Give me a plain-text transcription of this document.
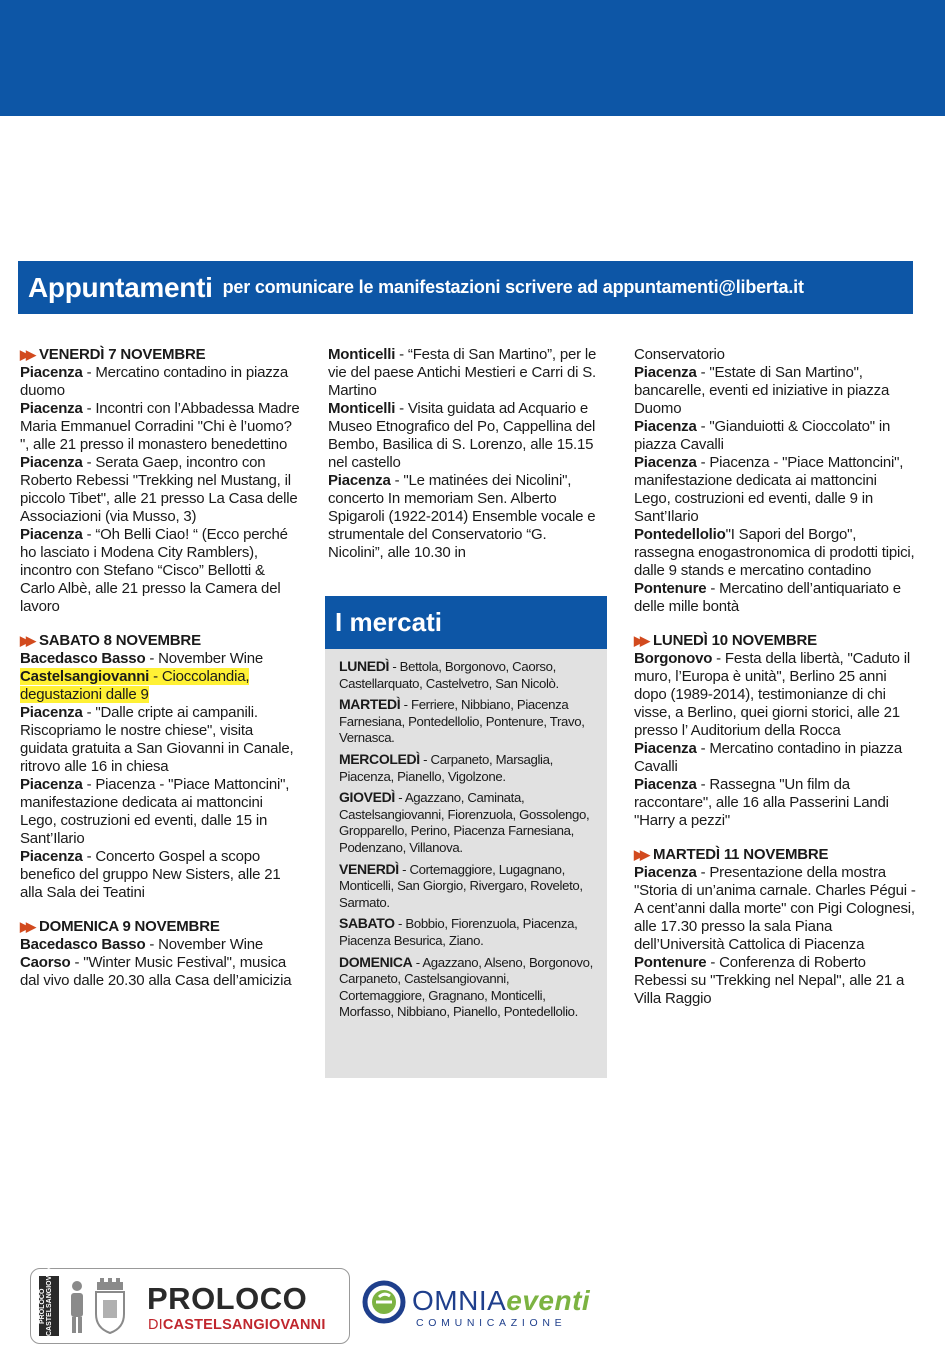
Appuntamenti per comunicare le manifestazioni scrivere ad appuntamenti@liberta.it
▶▶ VENERDÌ 7 NOVEMBRE
Piacenza - Mercatino contadino in piazza duomo
Piacenza - Incontri con l’Abbadessa Madre Maria Emmanuel Corradini "Chi è l’uomo? ", alle 21 presso il monastero benedettino
Piacenza - Serata Gaep, incontro con Roberto Rebessi "Trekking nel Mustang, il piccolo Tibet", alle 21 presso La Casa delle Associazioni (via Musso, 3)
Piacenza - “Oh Belli Ciao! “ (Ecco perché ho lasciato i Modena City Ramblers), incontro con Stefano “Cisco” Bellotti & Carlo Albè, alle 21 presso la Camera del lavoro
▶▶ SABATO 8 NOVEMBRE
Bacedasco Basso - November Wine
Castelsangiovanni - Cioccolandia, degustazioni dalle 9
Piacenza - "Dalle cripte ai campanili. Riscopriamo le nostre chiese", visita guidata gratuita a San Giovanni in Canale, ritrovo alle 16 in chiesa
Piacenza - Piacenza - "Piace Mattoncini", manifestazione dedicata ai mattoncini Lego, costruzioni ed eventi, dalle 15 in Sant’Ilario
Piacenza - Concerto Gospel a scopo benefico del gruppo New Sisters, alle 21 alla Sala dei Teatini
▶▶ DOMENICA 9 NOVEMBRE
Bacedasco Basso - November Wine
Caorso - "Winter Music Festival", musica dal vivo dalle 20.30 alla Casa dell’amicizia
Monticelli - “Festa di San Martino”, per le vie del paese Antichi Mestieri e Carri di S. Martino
Monticelli - Visita guidata ad Acquario e Museo Etnografico del Po, Cappellina del Bembo, Basilica di S. Lorenzo, alle 15.15 nel castello
Piacenza - "Le matinées dei Nicolini", concerto In memoriam Sen. Alberto Spigaroli (1922-2014) Ensemble vocale e strumentale del Conservatorio “G. Nicolini”, alle 10.30 in
I mercati
LUNEDÌ - Bettola, Borgonovo, Caorso, Castellarquato, Castelvetro, San Nicolò.
MARTEDÌ - Ferriere, Nibbiano, Piacenza Farnesiana, Pontedellolio, Pontenure, Travo, Vernasca.
MERCOLEDÌ - Carpaneto, Marsaglia, Piacenza, Pianello, Vigolzone.
GIOVEDÌ - Agazzano, Caminata, Castelsangiovanni, Fiorenzuola, Gossolengo, Gropparello, Perino, Piacenza Farnesiana, Podenzano, Villanova.
VENERDÌ - Cortemaggiore, Lugagnano, Monticelli, San Giorgio, Rivergaro, Roveleto, Sarmato.
SABATO - Bobbio, Fiorenzuola, Piacenza, Piacenza Besurica, Ziano.
DOMENICA - Agazzano, Alseno, Borgonovo, Carpaneto, Castelsangiovanni, Cortemaggiore, Gragnano, Monticelli, Morfasso, Nibbiano, Pianello, Pontedellolio.
Conservatorio
Piacenza - "Estate di San Martino", bancarelle, eventi ed iniziative in piazza Duomo
Piacenza - "Gianduiotti & Cioccolato" in piazza Cavalli
Piacenza - Piacenza - "Piace Mattoncini", manifestazione dedicata ai mattoncini Lego, costruzioni ed eventi, dalle 9 in Sant’Ilario
Pontedellolio"I Sapori del Borgo", rassegna enogastronomica di prodotti tipici, dalle 9 stands e mercatino contadino
Pontenure - Mercatino dell’antiquariato e delle mille bontà
▶▶ LUNEDÌ 10 NOVEMBRE
Borgonovo - Festa della libertà, "Caduto il muro, l’Europa è unità", Berlino 25 anni dopo (1989-2014), testimonianze di chi visse, a Berlino, quei giorni storici, alle 21 presso l’ Auditorium della Rocca
Piacenza - Mercatino contadino in piazza Cavalli
Piacenza - Rassegna "Un film da raccontare", alle 16 alla Passerini Landi "Harry a pezzi"
▶▶ MARTEDÌ 11 NOVEMBRE
Piacenza - Presentazione della mostra "Storia di un’anima carnale. Charles Pégui - A cent’anni dalla morte" con Pigi Colognesi, alle 17.30 presso la sala Piana dell’Università Cattolica di Piacenza
Pontenure - Conferenza di Roberto Rebessi su "Trekking nel Nepal", alle 21 a Villa Raggio
PROLOCO CASTELSANGIOVANNI	PROLOCO
DICASTELSANGIOVANNI
OMNIAeventi
COMUNICAZIONE
